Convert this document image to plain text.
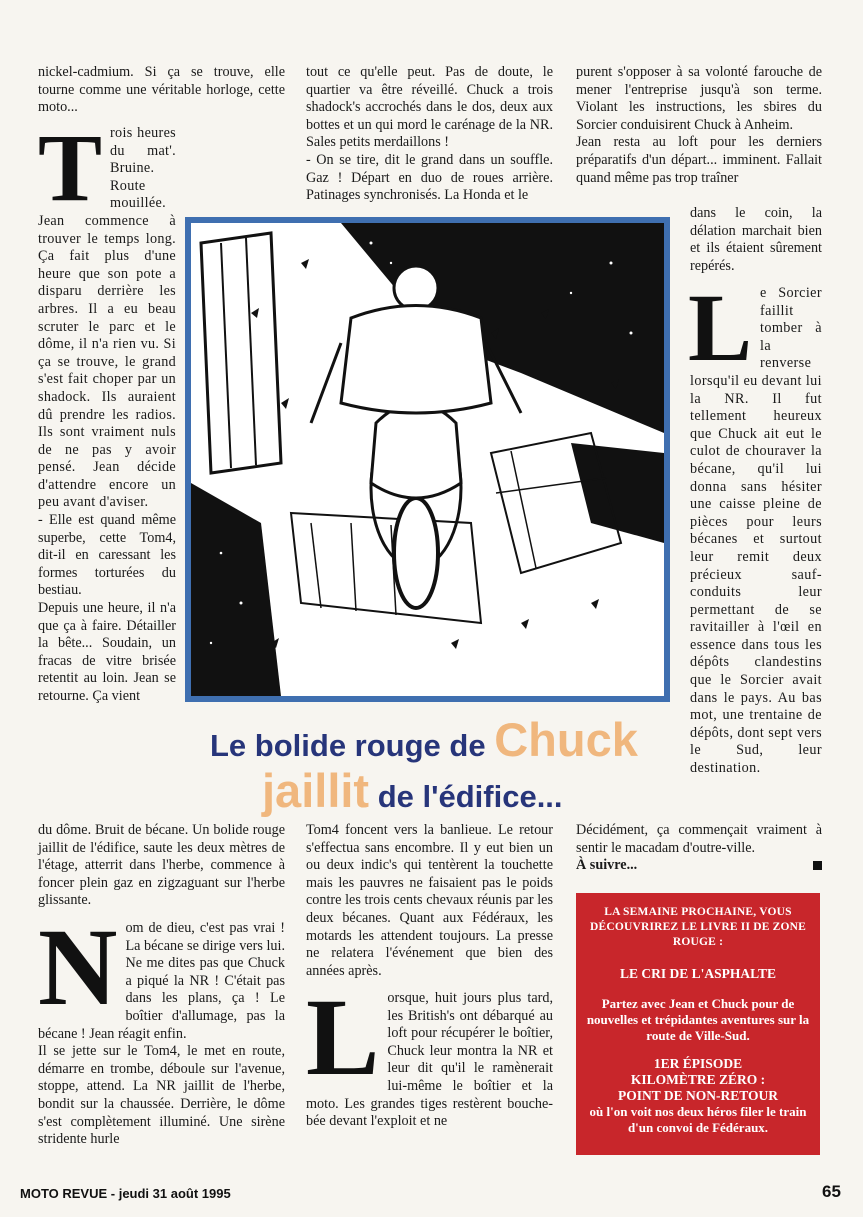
nickel-cadmium. Si ça se trouve, elle tourne comme une véritable horloge, cette moto...

T rois heures du mat'. Bruine. Route mouillée. Jean commence à trouver le temps long. Ça fait plus d'une heure que son pote a disparu derrière les arbres. Il a eu beau scruter le parc et le dôme, il n'a rien vu. Si ça se trouve, le grand s'est fait choper par un shadock. Ils auraient dû prendre les radios. Ils sont vraiment nuls de ne pas y avoir pensé. Jean décide d'attendre encore un peu avant d'aviser.

- Elle est quand même superbe, cette Tom4, dit-il en caressant les formes torturées du bestiau.

Depuis une heure, il n'a que ça à faire. Détailler la bête... Soudain, un fracas de vitre brisée retentit au loin. Jean se retourne. Ça vient

du dôme. Bruit de bécane. Un bolide rouge jaillit de l'édifice, saute les deux mètres de l'étage, atterrit dans l'herbe, commence à foncer plein gaz en zigzaguant sur l'herbe glissante.

N om de dieu, c'est pas vrai ! La bécane se dirige vers lui. Ne me dites pas que Chuck a piqué la NR ! C'était pas dans les plans, ça ! Le boîtier d'allumage, pas la bécane ! Jean réagit enfin.

Il se jette sur le Tom4, le met en route, démarre en trombe, déboule sur l'avenue, stoppe, attend. La NR jaillit de l'herbe, bondit sur la chaussée. Derrière, le dôme s'est complètement illuminé. Une sirène stridente hurle

tout ce qu'elle peut. Pas de doute, le quartier va être réveillé. Chuck a trois shadock's accrochés dans le dos, deux aux bottes et un qui mord le carénage de la NR. Sales petits merdaillons !

- On se tire, dit le grand dans un souffle. Gaz ! Départ en duo de roues arrière. Patinages synchronisés. La Honda et le

Tom4 foncent vers la banlieue. Le retour s'effectua sans encombre. Il y eut bien un ou deux indic's qui tentèrent la touchette mais les pauvres ne faisaient pas le poids contre les trois cents chevaux réunis par les deux bécanes. Quant aux Fédéraux, les motards les attendent toujours. La presse ne relatera l'événement que bien des années après.

L orsque, huit jours plus tard, les British's ont débarqué au loft pour récupérer le boîtier, Chuck leur montra la NR et leur dit qu'il le ramènerait lui-même le boîtier et la moto. Les grandes tiges restèrent bouche-bée devant l'exploit et ne

purent s'opposer à sa volonté farouche de mener l'entreprise jusqu'à son terme. Violant les instructions, les sbires du Sorcier conduisirent Chuck à Anheim.

Jean resta au loft pour les derniers préparatifs d'un départ... imminent. Fallait quand même pas trop traîner

dans le coin, la délation marchait bien et ils étaient sûrement repérés.

L e Sorcier faillit tomber à la renverse lorsqu'il eu devant lui la NR. Il fut tellement heureux que Chuck ait eut le culot de chouraver la bécane, qu'il lui donna sans hésiter une caisse pleine de pièces pour leurs bécanes et surtout leur remit deux précieux sauf-conduits leur permettant de se ravitailler à l'œil en essence dans tous les dépôts clandestins que le Sorcier avait dans le pays. Au bas mot, une trentaine de dépôts, dont sept vers le Sud, leur destination.

Décidément, ça commençait vraiment à sentir le macadam d'outre-ville.

À suivre...

Le bolide rouge de Chuck
jaillit de l'édifice...
LA SEMAINE PROCHAINE, VOUS DÉCOUVRIREZ LE LIVRE II DE ZONE ROUGE :
LE CRI DE L'ASPHALTE
Partez avec Jean et Chuck pour de nouvelles et trépidantes aventures sur la route de Ville-Sud.
1ER ÉPISODE
KILOMÈTRE ZÉRO :
POINT DE NON-RETOUR
où l'on voit nos deux héros filer le train d'un convoi de Fédéraux.
MOTO REVUE - jeudi 31 août 1995	65
